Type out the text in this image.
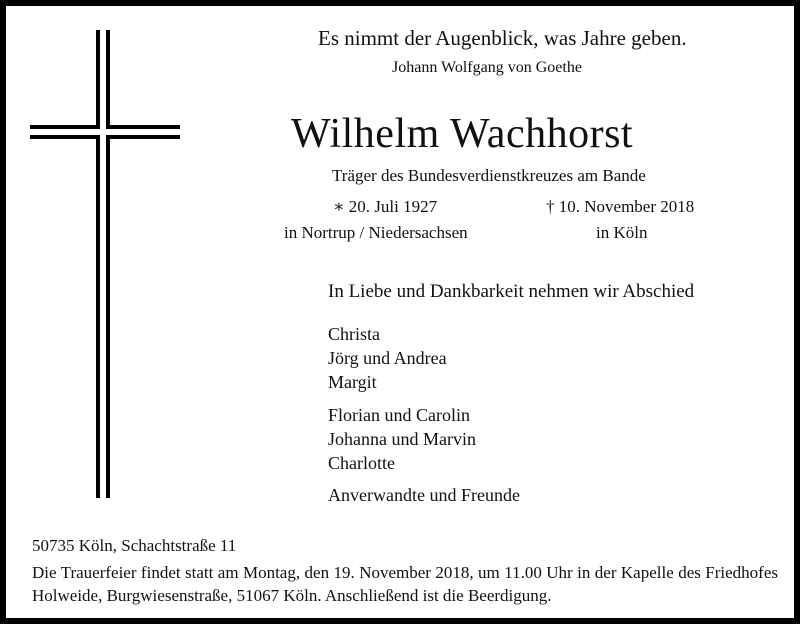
Es nimmt der Augenblick, was Jahre geben.
Johann Wolfgang von Goethe
Wilhelm Wachhorst
Träger des Bundesverdienstkreuzes am Bande
∗ 20. Juli 1927
in Nortrup / Niedersachsen
† 10. November 2018
in Köln
In Liebe und Dankbarkeit nehmen wir Abschied
Christa
Jörg und Andrea
Margit
Florian und Carolin
Johanna und Marvin
Charlotte
Anverwandte und Freunde
50735 Köln, Schachtstraße 11
Die Trauerfeier findet statt am Montag, den 19. November 2018, um 11.00 Uhr in der Kapelle des Friedhofes Holweide, Burgwiesenstraße, 51067 Köln. Anschließend ist die Beerdigung.
